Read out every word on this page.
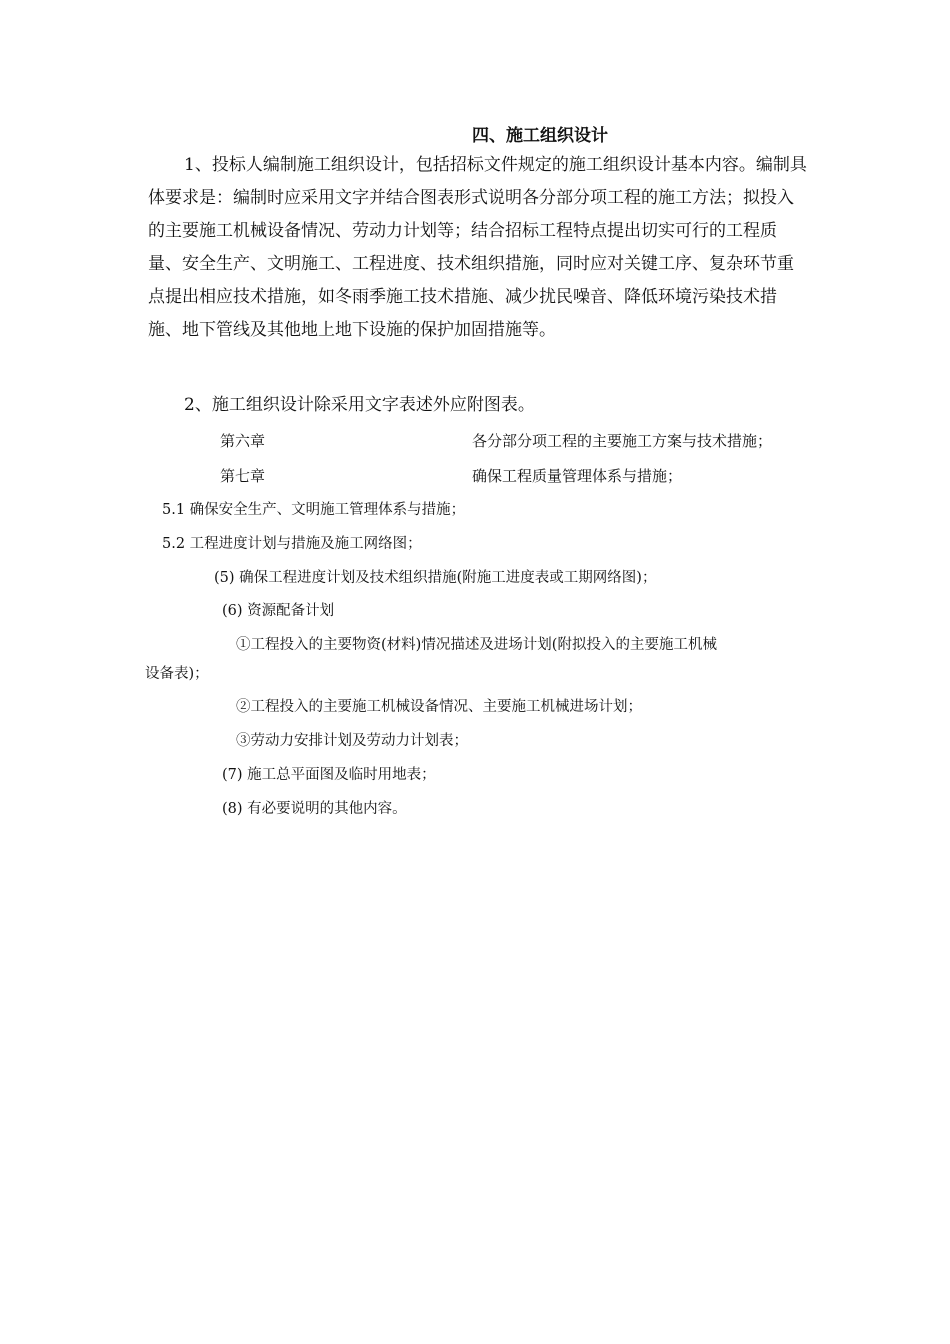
四、施工组织设计

1、投标人编制施工组织设计，包括招标文件规定的施工组织设计基本内容。编制具体要求是：编制时应采用文字并结合图表形式说明各分部分项工程的施工方法；拟投入的主要施工机械设备情况、劳动力计划等；结合招标工程特点提出切实可行的工程质量、安全生产、文明施工、工程进度、技术组织措施，同时应对关键工序、复杂环节重点提出相应技术措施，如冬雨季施工技术措施、减少扰民噪音、降低环境污染技术措施、地下管线及其他地上地下设施的保护加固措施等。

2、施工组织设计除采用文字表述外应附图表。

第六章	各分部分项工程的主要施工方案与技术措施；
第七章	确保工程质量管理体系与措施；
5.1 确保安全生产、文明施工管理体系与措施；
5.2 工程进度计划与措施及施工网络图；
(5) 确保工程进度计划及技术组织措施(附施工进度表或工期网络图)；
(6) 资源配备计划
①工程投入的主要物资(材料)情况描述及进场计划(附拟投入的主要施工机械
设备表)；
②工程投入的主要施工机械设备情况、主要施工机械进场计划；
③劳动力安排计划及劳动力计划表；
(7) 施工总平面图及临时用地表；
(8) 有必要说明的其他内容。
